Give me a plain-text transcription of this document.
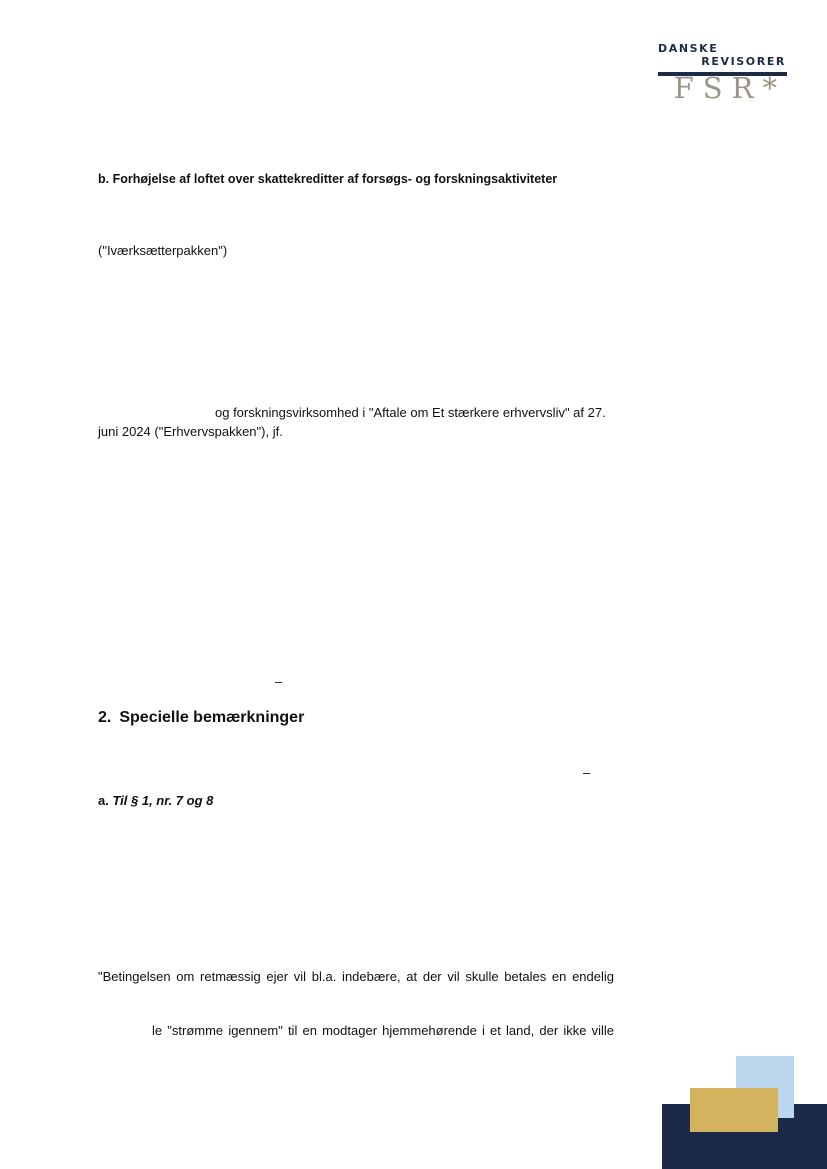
DANSKE
REVISORER
FSR*
b. Forhøjelse af loftet over skattekreditter af forsøgs- og forskningsaktiviteter
("Iværksætterpakken")
og forskningsvirksomhed i "Aftale om Et stærkere erhvervsliv" af 27.
juni 2024 ("Erhvervspakken"), jf.
–
2. Specielle bemærkninger
–
a. Til § 1, nr. 7 og 8
"Betingelsen om retmæssig ejer vil bl.a. indebære, at der vil skulle betales en endelig
le "strømme igennem" til en modtager hjemmehørende i et land, der ikke ville
